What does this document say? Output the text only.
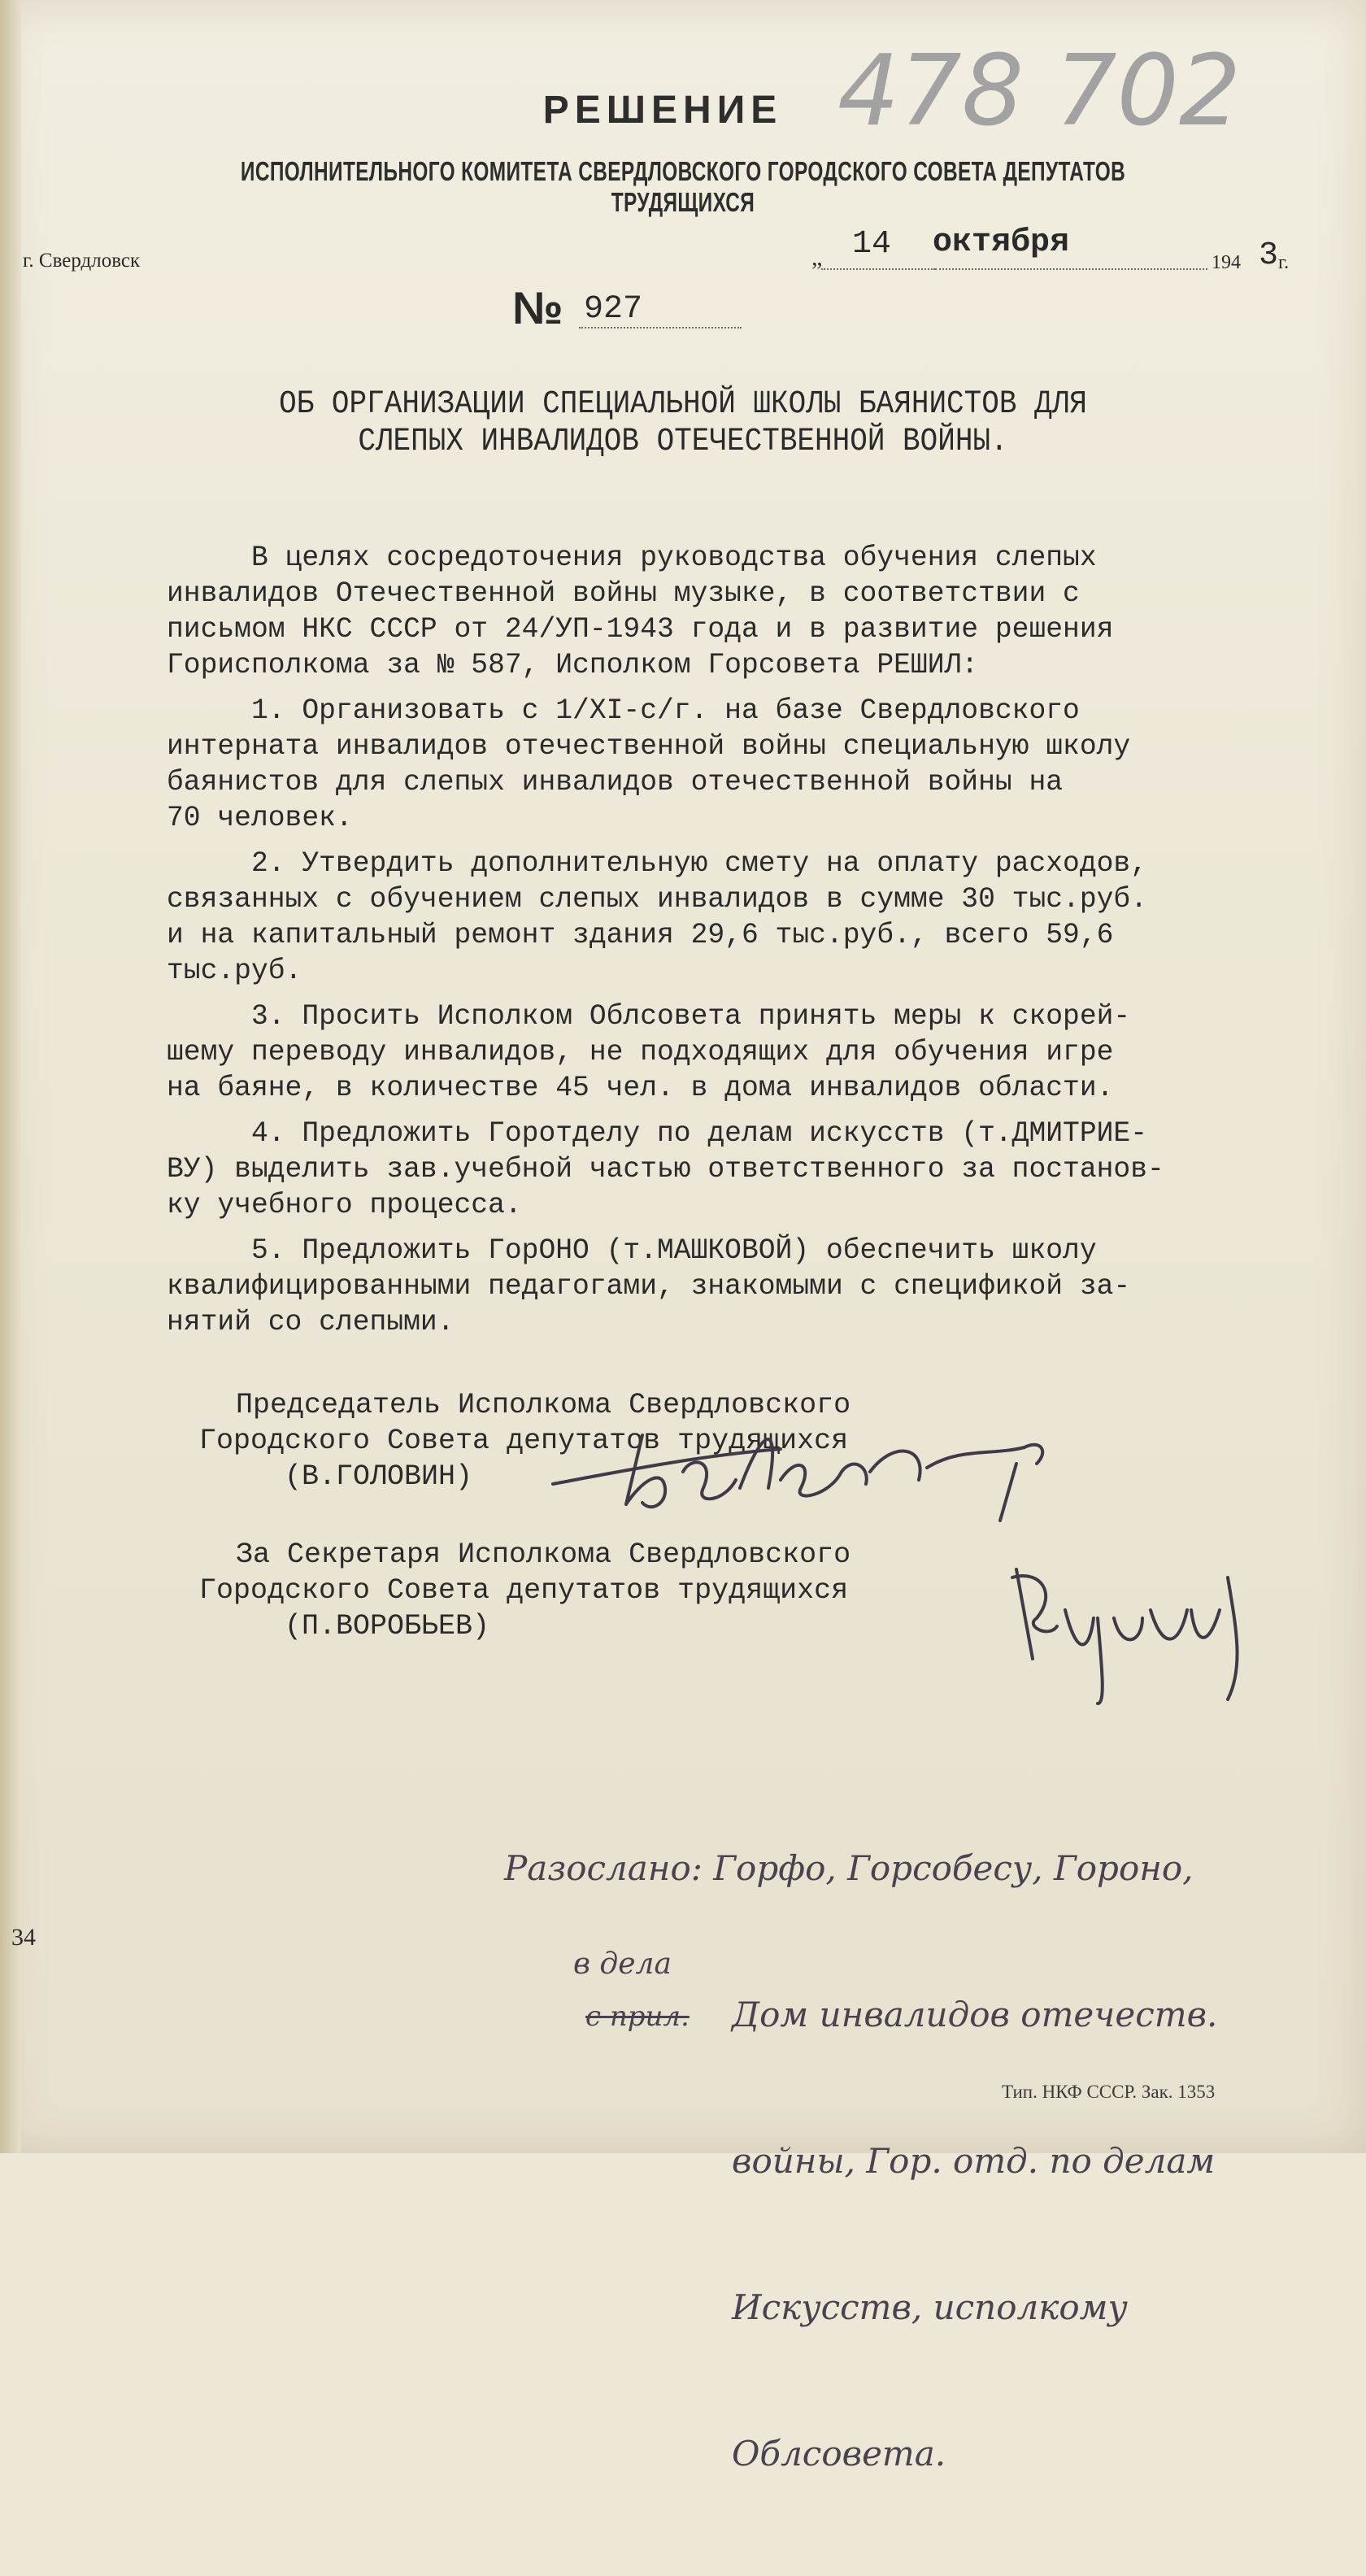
478 702
РЕШЕНИЕ
ИСПОЛНИТЕЛЬНОГО КОМИТЕТА СВЕРДЛОВСКОГО ГОРОДСКОГО СОВЕТА ДЕПУТАТОВ ТРУДЯЩИХСЯ
г. Свердловск	„ 14 октября
194 3 г.
№ 927
ОБ ОРГАНИЗАЦИИ СПЕЦИАЛЬНОЙ ШКОЛЫ БАЯНИСТОВ ДЛЯ
СЛЕПЫХ ИНВАЛИДОВ ОТЕЧЕСТВЕННОЙ ВОЙНЫ.
В целях сосредоточения руководства обучения слепых
инвалидов Отечественной войны музыке, в соответствии с
письмом НКС СССР от 24/УП-1943 года и в развитие решения
Горисполкома за № 587, Исполком Горсовета РЕШИЛ:
1. Организовать с 1/XI-с/г. на базе Свердловского
интерната инвалидов отечественной войны специальную школу
баянистов для слепых инвалидов отечественной войны на
70 человек.
2. Утвердить дополнительную смету на оплату расходов,
связанных с обучением слепых инвалидов в сумме 30 тыс.руб.
и на капитальный ремонт здания 29,6 тыс.руб., всего 59,6
тыс.руб.
3. Просить Исполком Облсовета принять меры к скорей-
шему переводу инвалидов, не подходящих для обучения игре
на баяне, в количестве 45 чел. в дома инвалидов области.
4. Предложить Горотделу по делам искусств (т.ДМИТРИЕ-
ВУ) выделить зав.учебной частью ответственного за постанов-
ку учебного процесса.
5. Предложить ГорОНО (т.МАШКОВОЙ) обеспечить школу
квалифицированными педагогами, знакомыми с спецификой за-
нятий со слепыми.
Председатель Исполкома Свердловского
Городского Совета депутатов трудящихся
(В.ГОЛОВИН)
За Секретаря Исполкома Свердловского
Городского Совета депутатов трудящихся
(П.ВОРОБЬЕВ)

Разослано: Горфо, Горсобесу, Гороно,

Дом инвалидов отечеств.

войны, Гор. отд. по делам

Искусств, исполкому

Облсовета.

в дела
с прил.
34
Тип. НКФ СССР. Зак. 1353
